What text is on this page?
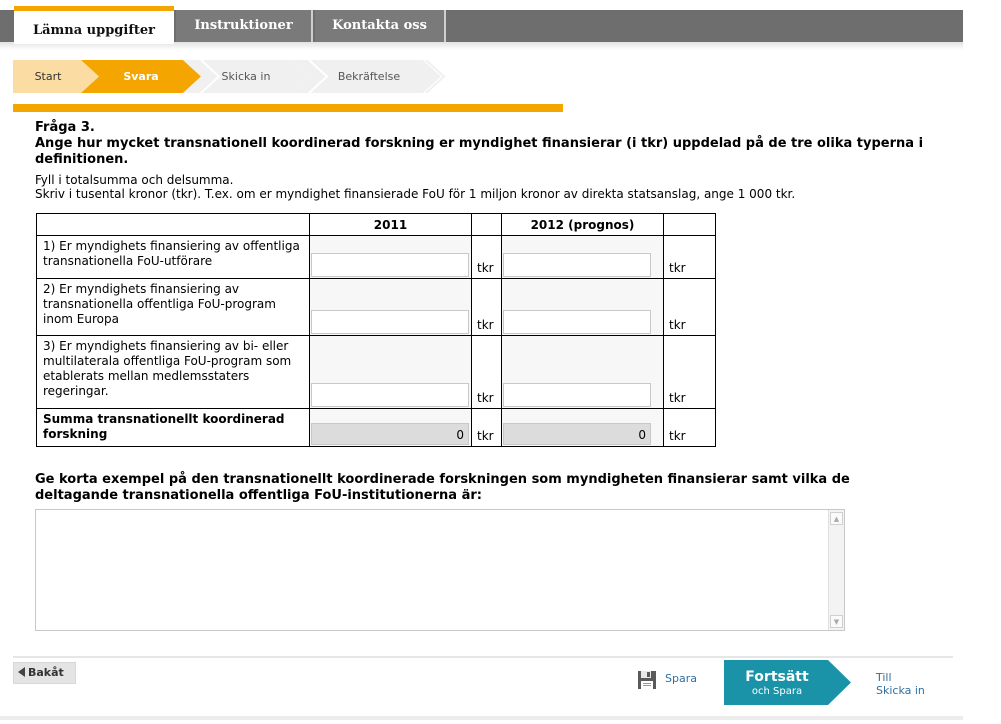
Lämna uppgifter	Instruktioner	Kontakta oss
Start	Svara	Skicka in	Bekräftelse
Fråga 3.
Ange hur mycket transnationell koordinerad forskning er myndighet finansierar (i tkr) uppdelad på de tre olika typerna i definitionen.
Fyll i totalsumma och delsumma.
Skriv i tusental kronor (tkr). T.ex. om er myndighet finansierade FoU för 1 miljon kronor av direkta statsanslag, ange 1 000 tkr.
	2011		2012 (prognos)	
1) Er myndighets finansiering av offentliga transnationella FoU-utförare		tkr		tkr
2) Er myndighets finansiering av transnationella offentliga FoU-program inom Europa		tkr		tkr
3) Er myndighets finansiering av bi- eller multilaterala offentliga FoU-program som etablerats mellan medlemsstaters regeringar.		tkr		tkr
Summa transnationellt koordinerad forskning	0	tkr	0	tkr
Ge korta exempel på den transnationellt koordinerade forskningen som myndigheten finansierar samt vilka de deltagande transnationella offentliga FoU-institutionerna är:
▲
▼
Bakåt	Spara	Fortsätt
och Spara
Till
Skicka in
